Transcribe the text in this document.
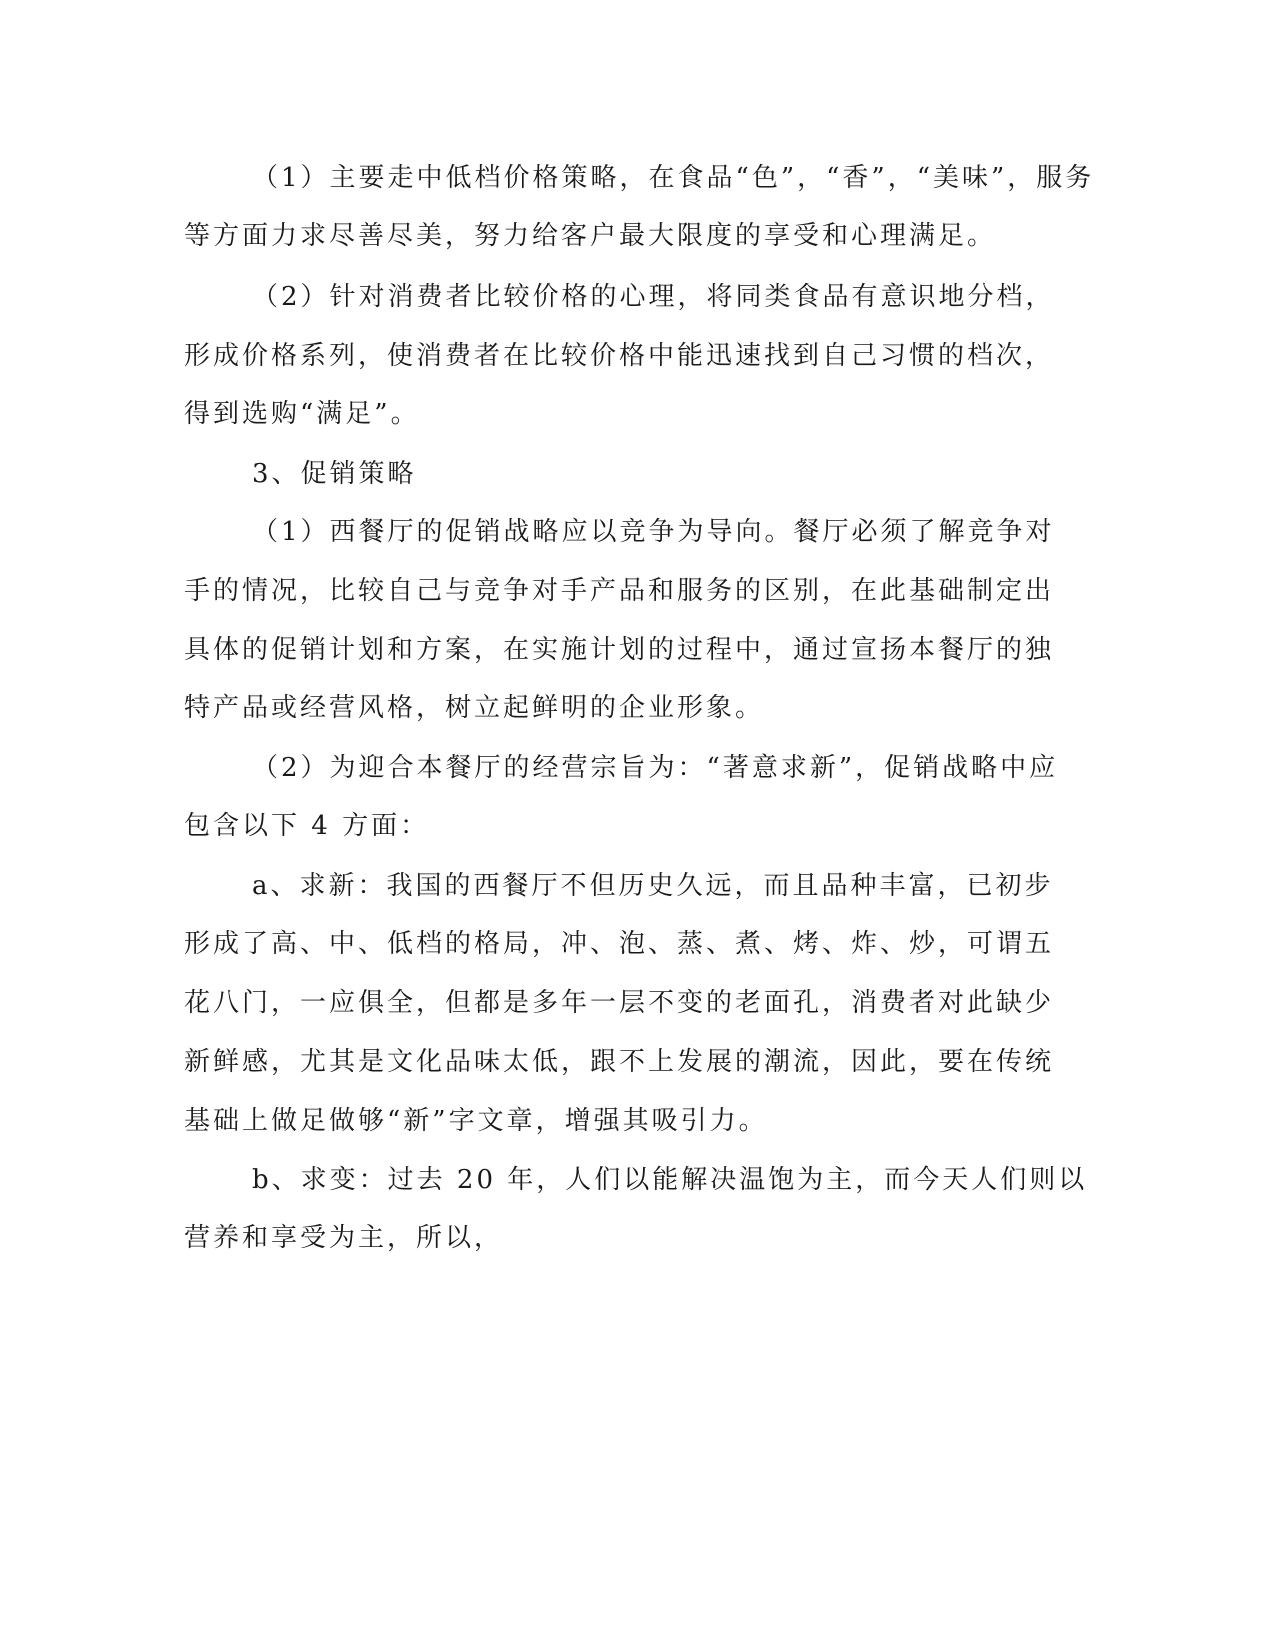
（1）主要走中低档价格策略，在食品“色”，“香”，“美味”，服务
等方面力求尽善尽美，努力给客户最大限度的享受和心理满足。
（2）针对消费者比较价格的心理，将同类食品有意识地分档，
形成价格系列，使消费者在比较价格中能迅速找到自己习惯的档次，
得到选购“满足”。
3、促销策略
（1）西餐厅的促销战略应以竞争为导向。餐厅必须了解竞争对
手的情况，比较自己与竞争对手产品和服务的区别，在此基础制定出
具体的促销计划和方案，在实施计划的过程中，通过宣扬本餐厅的独
特产品或经营风格，树立起鲜明的企业形象。
（2）为迎合本餐厅的经营宗旨为：“著意求新”，促销战略中应
包含以下 4 方面：
a、求新：我国的西餐厅不但历史久远，而且品种丰富，已初步
形成了高、中、低档的格局，冲、泡、蒸、煮、烤、炸、炒，可谓五
花八门，一应俱全，但都是多年一层不变的老面孔，消费者对此缺少
新鲜感，尤其是文化品味太低，跟不上发展的潮流，因此，要在传统
基础上做足做够“新”字文章，增强其吸引力。
b、求变：过去 20 年，人们以能解决温饱为主，而今天人们则以
营养和享受为主，所以，
